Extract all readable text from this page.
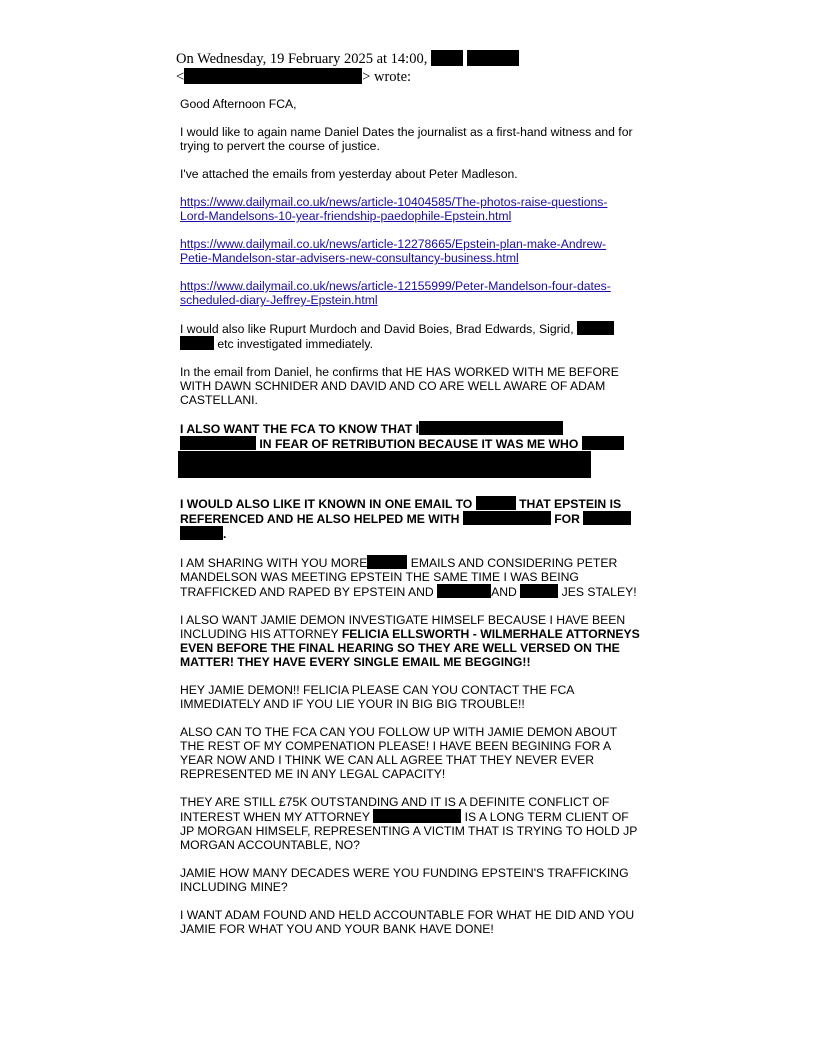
On Wednesday, 19 February 2025 at 14:00,
<	> wrote:

Good Afternoon FCA,

I would like to again name Daniel Dates the journalist as a first-hand witness and for trying to pervert the course of justice.

I've attached the emails from yesterday about Peter Madleson.

https://www.dailymail.co.uk/news/article-10404585/The-photos-raise-questions-
Lord-Mandelsons-10-year-friendship-paedophile-Epstein.html

https://www.dailymail.co.uk/news/article-12278665/Epstein-plan-make-Andrew-
Petie-Mandelson-star-advisers-new-consultancy-business.html

https://www.dailymail.co.uk/news/article-12155999/Peter-Mandelson-four-dates-
scheduled-diary-Jeffrey-Epstein.html

I would also like Rupurt Murdoch and David Boies, Brad Edwards, Sigrid,
etc investigated immediately.

In the email from Daniel, he confirms that HE HAS WORKED WITH ME BEFORE WITH DAWN SCHNIDER AND DAVID AND CO ARE WELL AWARE OF ADAM CASTELLANI.

I ALSO WANT THE FCA TO KNOW THAT I
IN FEAR OF RETRIBUTION BECAUSE IT WAS ME WHO

I WOULD ALSO LIKE IT KNOWN IN ONE EMAIL TO	THAT EPSTEIN IS
REFERENCED AND HE ALSO HELPED ME WITH	FOR
.

I AM SHARING WITH YOU MORE	EMAILS AND CONSIDERING PETER MANDELSON WAS MEETING EPSTEIN THE SAME TIME I WAS BEING TRAFFICKED AND RAPED BY EPSTEIN AND	AND	JES STALEY!

I ALSO WANT JAMIE DEMON INVESTIGATE HIMSELF BECAUSE I HAVE BEEN INCLUDING HIS ATTORNEY FELICIA ELLSWORTH - WILMERHALE ATTORNEYS EVEN BEFORE THE FINAL HEARING SO THEY ARE WELL VERSED ON THE MATTER! THEY HAVE EVERY SINGLE EMAIL ME BEGGING!!

HEY JAMIE DEMON!! FELICIA PLEASE CAN YOU CONTACT THE FCA IMMEDIATELY AND IF YOU LIE YOUR IN BIG BIG TROUBLE!!

ALSO CAN TO THE FCA CAN YOU FOLLOW UP WITH JAMIE DEMON ABOUT THE REST OF MY COMPENATION PLEASE! I HAVE BEEN BEGINING FOR A YEAR NOW AND I THINK WE CAN ALL AGREE THAT THEY NEVER EVER REPRESENTED ME IN ANY LEGAL CAPACITY!

THEY ARE STILL £75K OUTSTANDING AND IT IS A DEFINITE CONFLICT OF INTEREST WHEN MY ATTORNEY	IS A LONG TERM CLIENT OF JP MORGAN HIMSELF, REPRESENTING A VICTIM THAT IS TRYING TO HOLD JP MORGAN ACCOUNTABLE, NO?

JAMIE HOW MANY DECADES WERE YOU FUNDING EPSTEIN'S TRAFFICKING INCLUDING MINE?

I WANT ADAM FOUND AND HELD ACCOUNTABLE FOR WHAT HE DID AND YOU JAMIE FOR WHAT YOU AND YOUR BANK HAVE DONE!
